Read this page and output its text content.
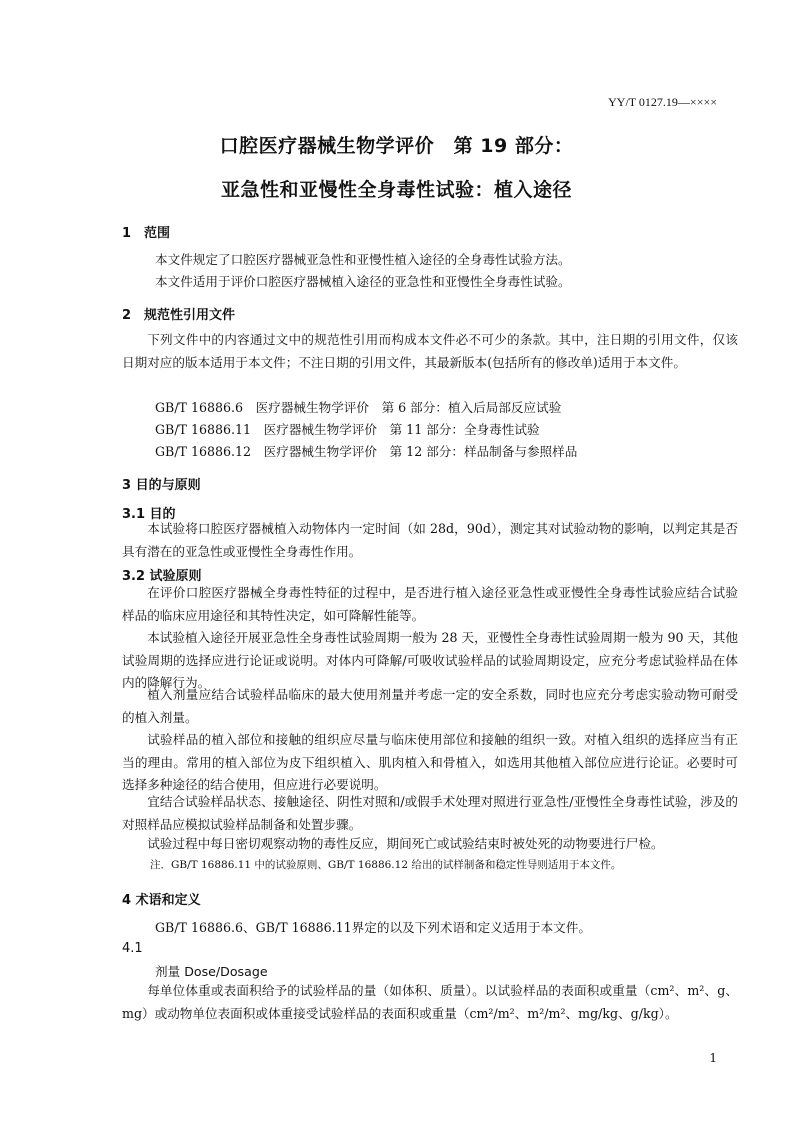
YY/T 0127.19—××××
口腔医疗器械生物学评价　第 19 部分：
亚急性和亚慢性全身毒性试验：植入途径
1　范围
本文件规定了口腔医疗器械亚急性和亚慢性植入途径的全身毒性试验方法。
本文件适用于评价口腔医疗器械植入途径的亚急性和亚慢性全身毒性试验。
2　规范性引用文件

下列文件中的内容通过文中的规范性引用而构成本文件必不可少的条款。其中，注日期的引用文件，仅该日期对应的版本适用于本文件；不注日期的引用文件，其最新版本(包括所有的修改单)适用于本文件。

GB/T 16886.6　医疗器械生物学评价　第 6 部分：植入后局部反应试验
GB/T 16886.11　医疗器械生物学评价　第 11 部分：全身毒性试验
GB/T 16886.12　医疗器械生物学评价　第 12 部分：样品制备与参照样品
3 目的与原则
3.1 目的

本试验将口腔医疗器械植入动物体内一定时间（如 28d，90d），测定其对试验动物的影响，以判定其是否具有潜在的亚急性或亚慢性全身毒性作用。

3.2 试验原则

在评价口腔医疗器械全身毒性特征的过程中，是否进行植入途径亚急性或亚慢性全身毒性试验应结合试验样品的临床应用途径和其特性决定，如可降解性能等。

本试验植入途径开展亚急性全身毒性试验周期一般为 28 天，亚慢性全身毒性试验周期一般为 90 天，其他试验周期的选择应进行论证或说明。对体内可降解/可吸收试验样品的试验周期设定，应充分考虑试验样品在体内的降解行为。

植入剂量应结合试验样品临床的最大使用剂量并考虑一定的安全系数，同时也应充分考虑实验动物可耐受的植入剂量。

试验样品的植入部位和接触的组织应尽量与临床使用部位和接触的组织一致。对植入组织的选择应当有正当的理由。常用的植入部位为皮下组织植入、肌肉植入和骨植入，如选用其他植入部位应进行论证。必要时可选择多种途径的结合使用，但应进行必要说明。

宜结合试验样品状态、接触途径、阴性对照和/或假手术处理对照进行亚急性/亚慢性全身毒性试验，涉及的对照样品应模拟试验样品制备和处置步骤。

试验过程中每日密切观察动物的毒性反应，期间死亡或试验结束时被处死的动物要进行尸检。

注．GB/T 16886.11 中的试验原则、GB/T 16886.12 给出的试样制备和稳定性导则适用于本文件。
4 术语和定义
GB/T 16886.6、GB/T 16886.11界定的以及下列术语和定义适用于本文件。
4.1
剂量 Dose/Dosage

每单位体重或表面积给予的试验样品的量（如体积、质量）。以试验样品的表面积或重量（cm²、m²、g、mg）或动物单位表面积或体重接受试验样品的表面积或重量（cm²/m²、m²/m²、mg/kg、g/kg）。

1
